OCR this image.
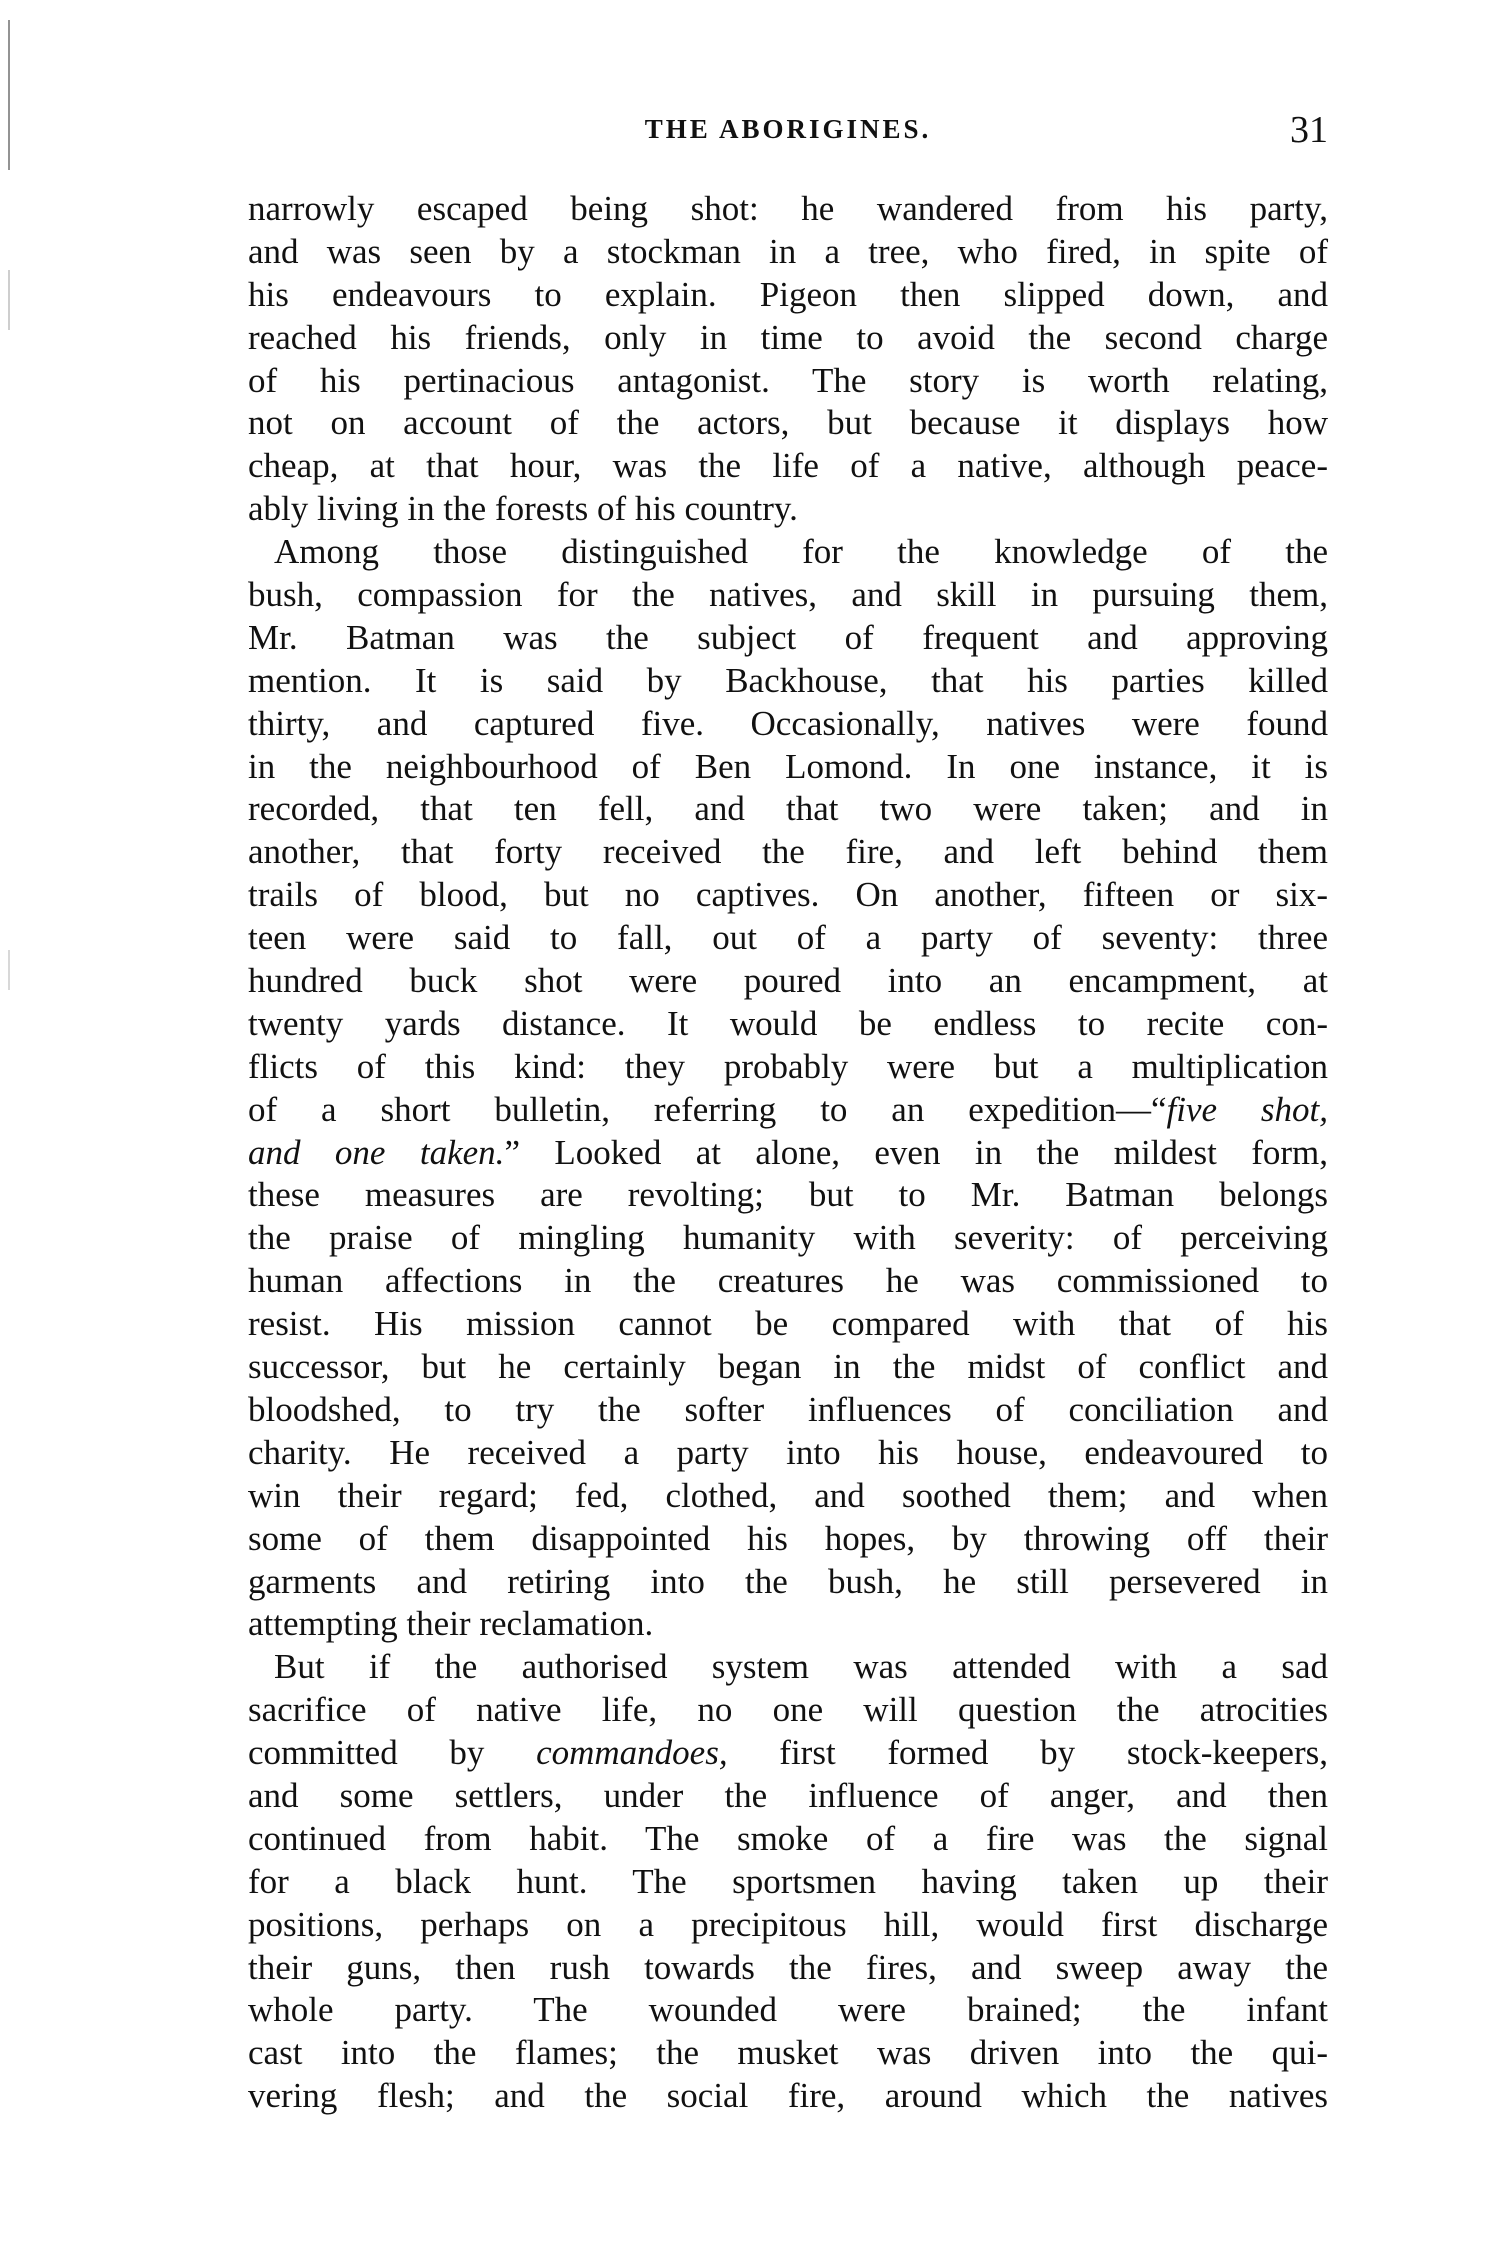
THE ABORIGINES.	31
narrowly escaped being shot: he wandered from his party,
and was seen by a stockman in a tree, who fired, in spite of
his endeavours to explain. Pigeon then slipped down, and
reached his friends, only in time to avoid the second charge
of his pertinacious antagonist. The story is worth relating,
not on account of the actors, but because it displays how
cheap, at that hour, was the life of a native, although peace-
ably living in the forests of his country.
Among those distinguished for the knowledge of the
bush, compassion for the natives, and skill in pursuing them,
Mr. Batman was the subject of frequent and approving
mention. It is said by Backhouse, that his parties killed
thirty, and captured five. Occasionally, natives were found
in the neighbourhood of Ben Lomond. In one instance, it is
recorded, that ten fell, and that two were taken; and in
another, that forty received the fire, and left behind them
trails of blood, but no captives. On another, fifteen or six-
teen were said to fall, out of a party of seventy: three
hundred buck shot were poured into an encampment, at
twenty yards distance. It would be endless to recite con-
flicts of this kind: they probably were but a multiplication
of a short bulletin, referring to an expedition—“five shot,
and one taken.” Looked at alone, even in the mildest form,
these measures are revolting; but to Mr. Batman belongs
the praise of mingling humanity with severity: of perceiving
human affections in the creatures he was commissioned to
resist. His mission cannot be compared with that of his
successor, but he certainly began in the midst of conflict and
bloodshed, to try the softer influences of conciliation and
charity. He received a party into his house, endeavoured to
win their regard; fed, clothed, and soothed them; and when
some of them disappointed his hopes, by throwing off their
garments and retiring into the bush, he still persevered in
attempting their reclamation.
But if the authorised system was attended with a sad
sacrifice of native life, no one will question the atrocities
committed by commandoes, first formed by stock-keepers,
and some settlers, under the influence of anger, and then
continued from habit. The smoke of a fire was the signal
for a black hunt. The sportsmen having taken up their
positions, perhaps on a precipitous hill, would first discharge
their guns, then rush towards the fires, and sweep away the
whole party. The wounded were brained; the infant
cast into the flames; the musket was driven into the qui-
vering flesh; and the social fire, around which the natives
